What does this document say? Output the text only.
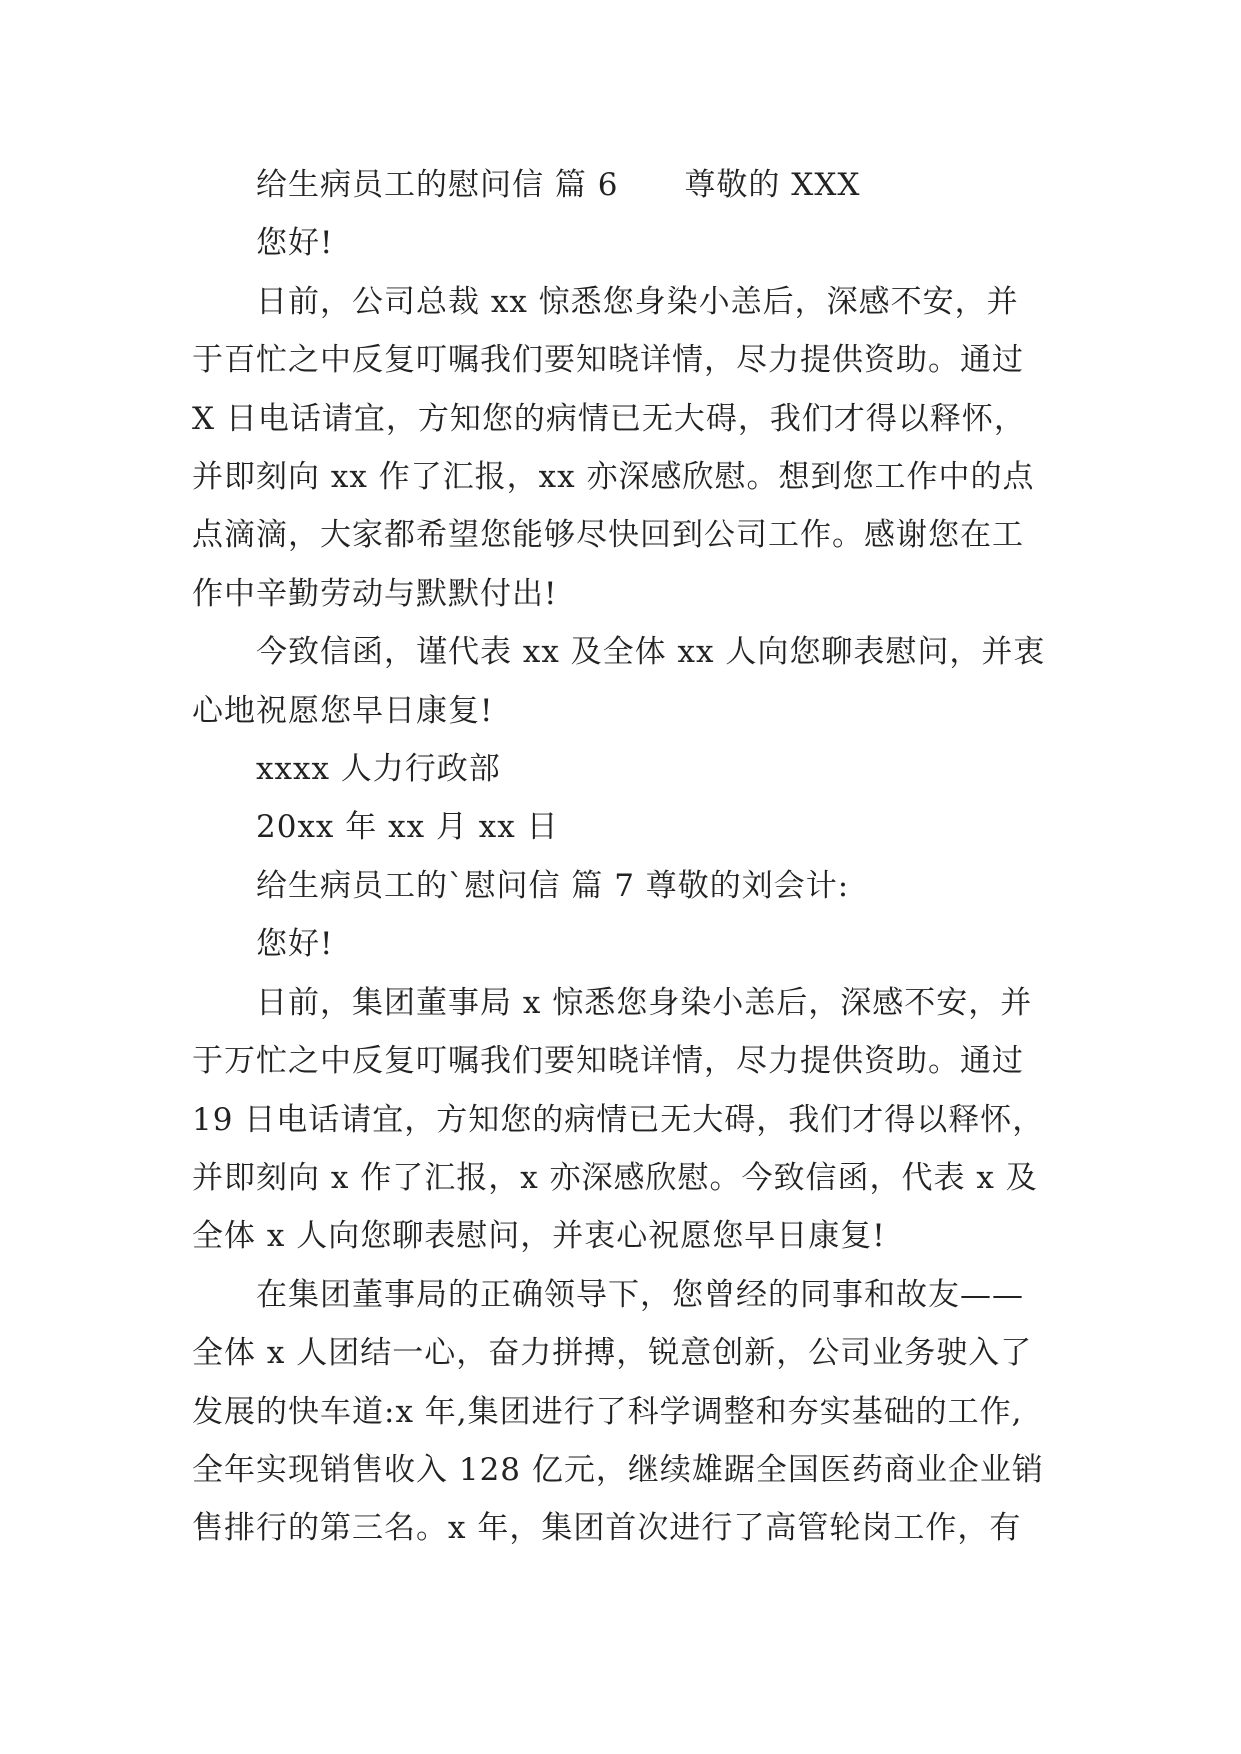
给生病员工的慰问信 篇 6 尊敬的 XXX

您好!

日前，公司总裁 xx 惊悉您身染小恙后，深感不安，并

于百忙之中反复叮嘱我们要知晓详情，尽力提供资助。通过

X 日电话请宜，方知您的病情已无大碍，我们才得以释怀，

并即刻向 xx 作了汇报，xx 亦深感欣慰。想到您工作中的点

点滴滴，大家都希望您能够尽快回到公司工作。感谢您在工

作中辛勤劳动与默默付出!

今致信函，谨代表 xx 及全体 xx 人向您聊表慰问，并衷

心地祝愿您早日康复!

xxxx 人力行政部

20xx 年 xx 月 xx 日

给生病员工的`慰问信 篇 7 尊敬的刘会计:

您好!

日前，集团董事局 x 惊悉您身染小恙后，深感不安，并

于万忙之中反复叮嘱我们要知晓详情，尽力提供资助。通过

19 日电话请宜，方知您的病情已无大碍，我们才得以释怀，

并即刻向 x 作了汇报，x 亦深感欣慰。今致信函，代表 x 及

全体 x 人向您聊表慰问，并衷心祝愿您早日康复!

在集团董事局的正确领导下，您曾经的同事和故友——

全体 x 人团结一心，奋力拼搏，锐意创新，公司业务驶入了

发展的快车道:x 年,集团进行了科学调整和夯实基础的工作,

全年实现销售收入 128 亿元，继续雄踞全国医药商业企业销

售排行的第三名。x 年，集团首次进行了高管轮岗工作，有
